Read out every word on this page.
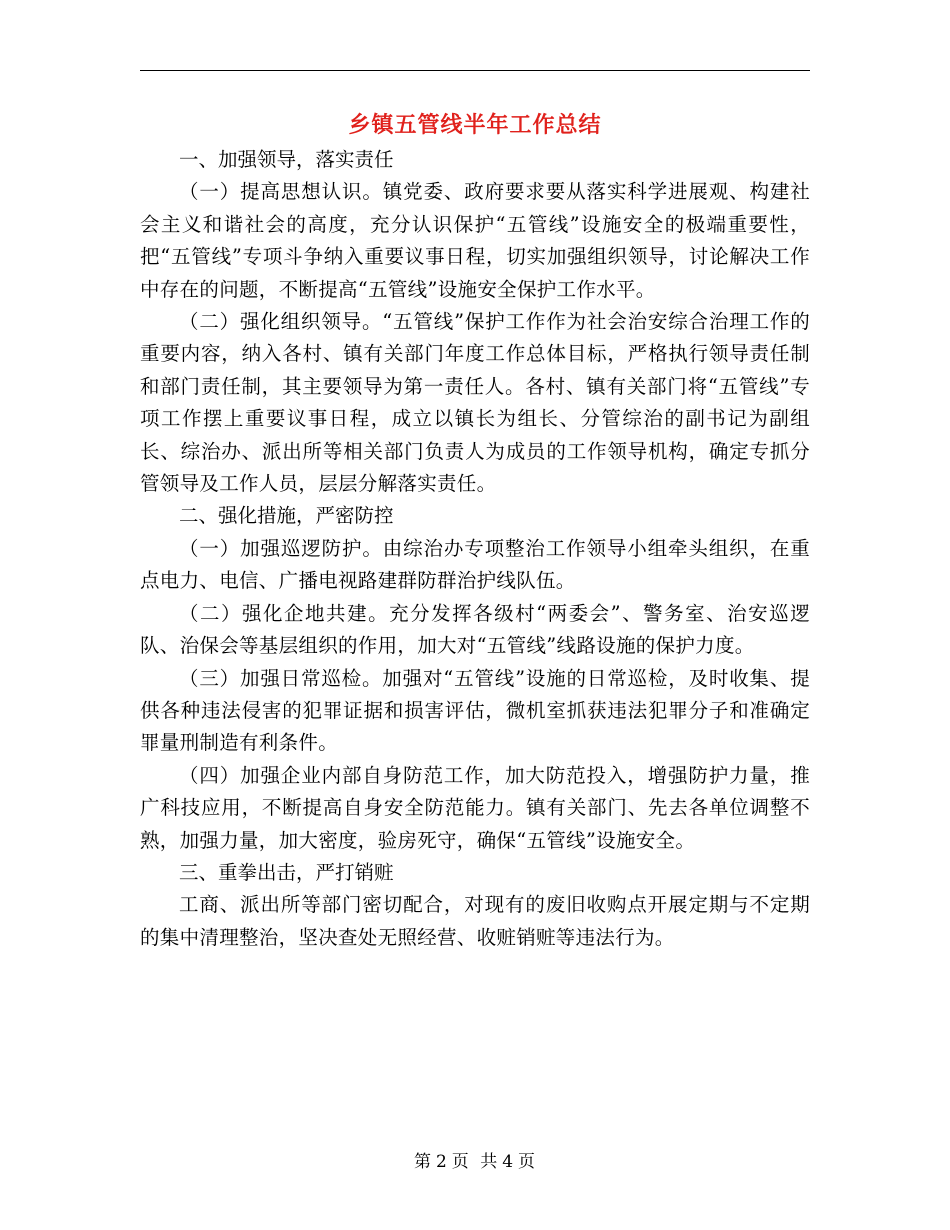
乡镇五管线半年工作总结

一、加强领导，落实责任

（一）提高思想认识。镇党委、政府要求要从落实科学进展观、构建社会主义和谐社会的高度，充分认识保护“五管线”设施安全的极端重要性，把“五管线”专项斗争纳入重要议事日程，切实加强组织领导，讨论解决工作中存在的问题，不断提高“五管线”设施安全保护工作水平。

（二）强化组织领导。“五管线”保护工作作为社会治安综合治理工作的重要内容，纳入各村、镇有关部门年度工作总体目标，严格执行领导责任制和部门责任制，其主要领导为第一责任人。各村、镇有关部门将“五管线”专项工作摆上重要议事日程，成立以镇长为组长、分管综治的副书记为副组长、综治办、派出所等相关部门负责人为成员的工作领导机构，确定专抓分管领导及工作人员，层层分解落实责任。

二、强化措施，严密防控

（一）加强巡逻防护。由综治办专项整治工作领导小组牵头组织，在重点电力、电信、广播电视路建群防群治护线队伍。

（二）强化企地共建。充分发挥各级村“两委会”、警务室、治安巡逻队、治保会等基层组织的作用，加大对“五管线”线路设施的保护力度。

（三）加强日常巡检。加强对“五管线”设施的日常巡检，及时收集、提供各种违法侵害的犯罪证据和损害评估，微机室抓获违法犯罪分子和准确定罪量刑制造有利条件。

（四）加强企业内部自身防范工作，加大防范投入，增强防护力量，推广科技应用，不断提高自身安全防范能力。镇有关部门、先去各单位调整不熟，加强力量，加大密度，验房死守，确保“五管线”设施安全。

三、重拳出击，严打销赃

工商、派出所等部门密切配合，对现有的废旧收购点开展定期与不定期的集中清理整治，坚决查处无照经营、收赃销赃等违法行为。

第 2 页 共 4 页
